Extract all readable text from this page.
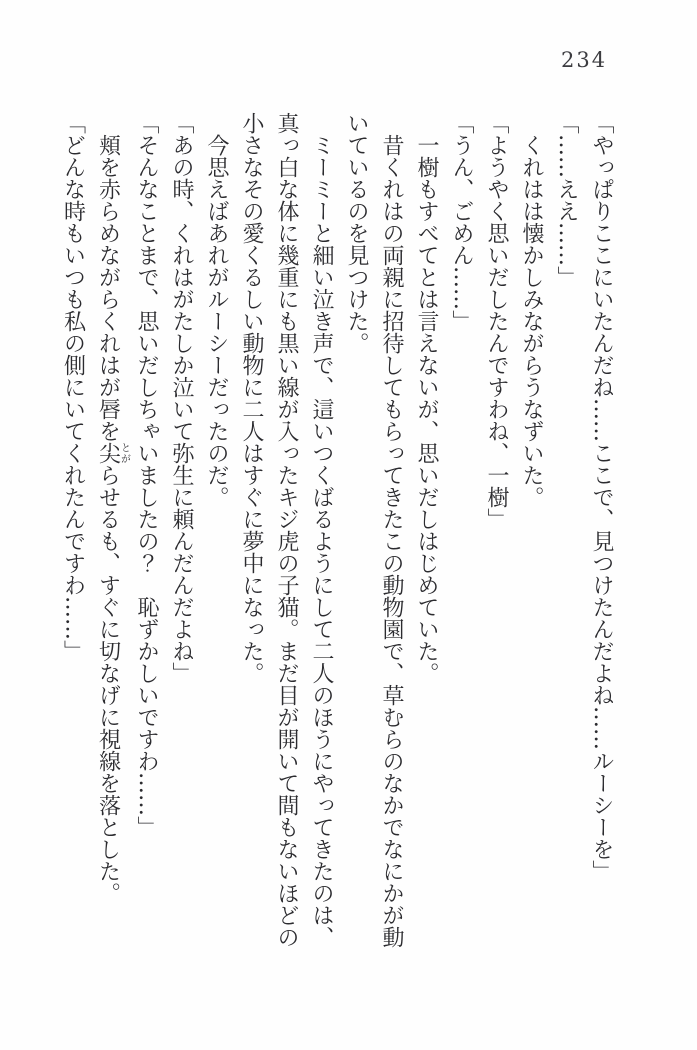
234

「やっぱりここにいたんだね……ここで、見つけたんだよね……ルーシーを」

「……ええ……」

くれはは懐かしみながらうなずいた。

「ようやく思いだしたんですわね、一樹」

「うん、ごめん……」

一樹もすべてとは言えないが、思いだしはじめていた。

昔くれはの両親に招待してもらってきたこの動物園で、草むらのなかでなにかが動いているのを見つけた。

ミーミーと細い泣き声で、這いつくばるようにして二人のほうにやってきたのは、真っ白な体に幾重にも黒い線が入ったキジ虎の子猫。まだ目が開いて間もないほどの小さなその愛くるしい動物に二人はすぐに夢中になった。

今思えばあれがルーシーだったのだ。

「あの時、くれはがたしか泣いて弥生に頼んだんだよね」

「そんなことまで、思いだしちゃいましたの？　恥ずかしいですわ……」

頬を赤らめながらくれはが唇を尖とがらせるも、すぐに切なげに視線を落とした。

「どんな時もいつも私の側にいてくれたんですわ……」
